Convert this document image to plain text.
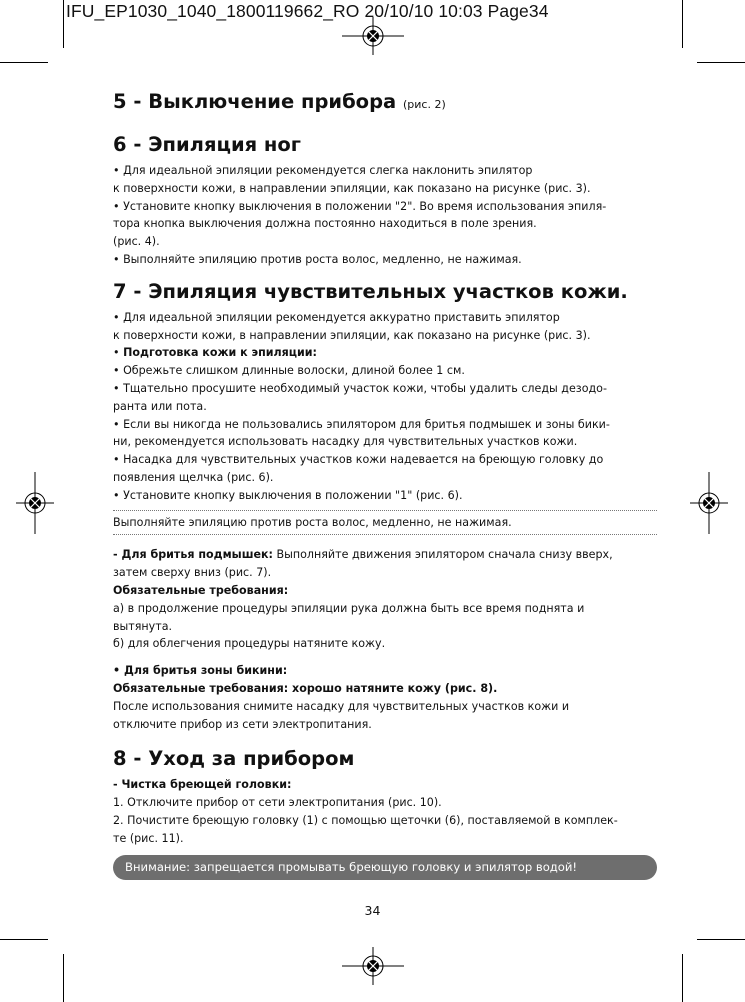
IFU_EP1030_1040_1800119662_RO 20/10/10 10:03 Page34
5 - Выключение прибора (рис. 2)
6 - Эпиляция ног

• Для идеальной эпиляции рекомендуется слегка наклонить эпилятор

к поверхности кожи, в направлении эпиляции, как показано на рисунке (рис. 3).

• Установите кнопку выключения в положении "2". Во время использования эпиля-

тора кнопка выключения должна постоянно находиться в поле зрения.

(рис. 4).

• Выполняйте эпиляцию против роста волос, медленно, не нажимая.

7 - Эпиляция чувствительных участков кожи.

• Для идеальной эпиляции рекомендуется аккуратно приставить эпилятор

к поверхности кожи, в направлении эпиляции, как показано на рисунке (рис. 3).

• Подготовка кожи к эпиляции:

• Обрежьте слишком длинные волоски, длиной более 1 см.

• Тщательно просушите необходимый участок кожи, чтобы удалить следы дезодо-

ранта или пота.

• Если вы никогда не пользовались эпилятором для бритья подмышек и зоны бики-

ни, рекомендуется использовать насадку для чувствительных участков кожи.

• Насадка для чувствительных участков кожи надевается на бреющую головку до

появления щелчка (рис. 6).

• Установите кнопку выключения в положении "1" (рис. 6).

Выполняйте эпиляцию против роста волос, медленно, не нажимая.

- Для бритья подмышек: Выполняйте движения эпилятором сначала снизу вверх,

затем сверху вниз (рис. 7).

Обязательные требования:

а) в продолжение процедуры эпиляции рука должна быть все время поднята и

вытянута.

б) для облегчения процедуры натяните кожу.

• Для бритья зоны бикини:

Обязательные требования: хорошо натяните кожу (рис. 8).

После использования снимите насадку для чувствительных участков кожи и

отключите прибор из сети электропитания.

8 - Уход за прибором

- Чистка бреющей головки:

1. Отключите прибор от сети электропитания (рис. 10).

2. Почистите бреющую головку (1) с помощью щеточки (6), поставляемой в комплек-

те (рис. 11).

Внимание: запрещается промывать бреющую головку и эпилятор водой!
34
